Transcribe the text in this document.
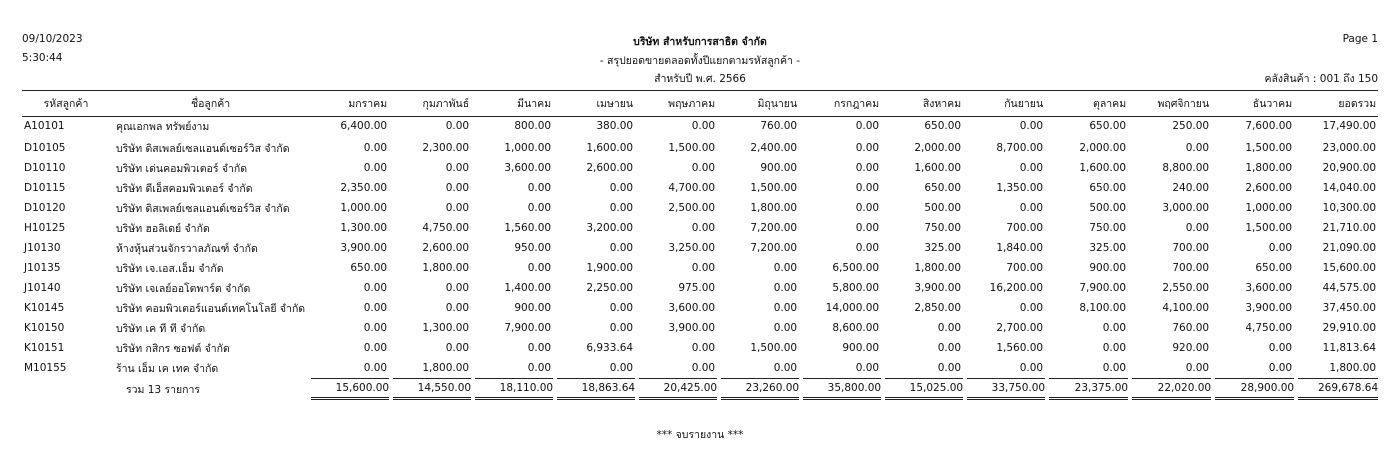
09/10/2023
5:30:44
บริษัท สำหรับการสาธิต จำกัด
- สรุปยอดขายตลอดทั้งปีแยกตามรหัสลูกค้า -
สำหรับปี พ.ศ. 2566
Page 1
คลังสินค้า : 001 ถึง 150
รหัสลูกค้า	ชื่อลูกค้า	มกราคม	กุมภาพันธ์	มีนาคม	เมษายน	พฤษภาคม	มิถุนายน	กรกฎาคม	สิงหาคม	กันยายน	ตุลาคม	พฤศจิกายน	ธันวาคม	ยอดรวม
A10101	คุณเอกพล ทรัพย์งาม	6,400.00	0.00	800.00	380.00	0.00	760.00	0.00	650.00	0.00	650.00	250.00	7,600.00	17,490.00
D10105	บริษัท ดิสเพลย์เซลแอนด์เซอร์วิส จำกัด	0.00	2,300.00	1,000.00	1,600.00	1,500.00	2,400.00	0.00	2,000.00	8,700.00	2,000.00	0.00	1,500.00	23,000.00
D10110	บริษัท เด่นคอมพิวเตอร์ จำกัด	0.00	0.00	3,600.00	2,600.00	0.00	900.00	0.00	1,600.00	0.00	1,600.00	8,800.00	1,800.00	20,900.00
D10115	บริษัท ดีเอ็สคอมพิวเตอร์ จำกัด	2,350.00	0.00	0.00	0.00	4,700.00	1,500.00	0.00	650.00	1,350.00	650.00	240.00	2,600.00	14,040.00
D10120	บริษัท ดิสเพลย์เซลแอนด์เซอร์วิส จำกัด	1,000.00	0.00	0.00	0.00	2,500.00	1,800.00	0.00	500.00	0.00	500.00	3,000.00	1,000.00	10,300.00
H10125	บริษัท ฮอลิเดย์ จำกัด	1,300.00	4,750.00	1,560.00	3,200.00	0.00	7,200.00	0.00	750.00	700.00	750.00	0.00	1,500.00	21,710.00
J10130	ห้างหุ้นส่วนจักรวาลภัณฑ์ จำกัด	3,900.00	2,600.00	950.00	0.00	3,250.00	7,200.00	0.00	325.00	1,840.00	325.00	700.00	0.00	21,090.00
J10135	บริษัท เจ.เอส.เอ็ม จำกัด	650.00	1,800.00	0.00	1,900.00	0.00	0.00	6,500.00	1,800.00	700.00	900.00	700.00	650.00	15,600.00
J10140	บริษัท เจเลย์ออโตพาร์ต จำกัด	0.00	0.00	1,400.00	2,250.00	975.00	0.00	5,800.00	3,900.00	16,200.00	7,900.00	2,550.00	3,600.00	44,575.00
K10145	บริษัท คอมพิวเตอร์แอนด์เทคโนโลยี จำกัด	0.00	0.00	900.00	0.00	3,600.00	0.00	14,000.00	2,850.00	0.00	8,100.00	4,100.00	3,900.00	37,450.00
K10150	บริษัท เค ที ที จำกัด	0.00	1,300.00	7,900.00	0.00	3,900.00	0.00	8,600.00	0.00	2,700.00	0.00	760.00	4,750.00	29,910.00
K10151	บริษัท กสิกร ซอฟต์ จำกัด	0.00	0.00	0.00	6,933.64	0.00	1,500.00	900.00	0.00	1,560.00	0.00	920.00	0.00	11,813.64
M10155	ร้าน เอ็ม เค เทค จำกัด	0.00	1,800.00	0.00	0.00	0.00	0.00	0.00	0.00	0.00	0.00	0.00	0.00	1,800.00
	รวม 13 รายการ	15,600.00	14,550.00	18,110.00	18,863.64	20,425.00	23,260.00	35,800.00	15,025.00	33,750.00	23,375.00	22,020.00	28,900.00	269,678.64
*** จบรายงาน ***
